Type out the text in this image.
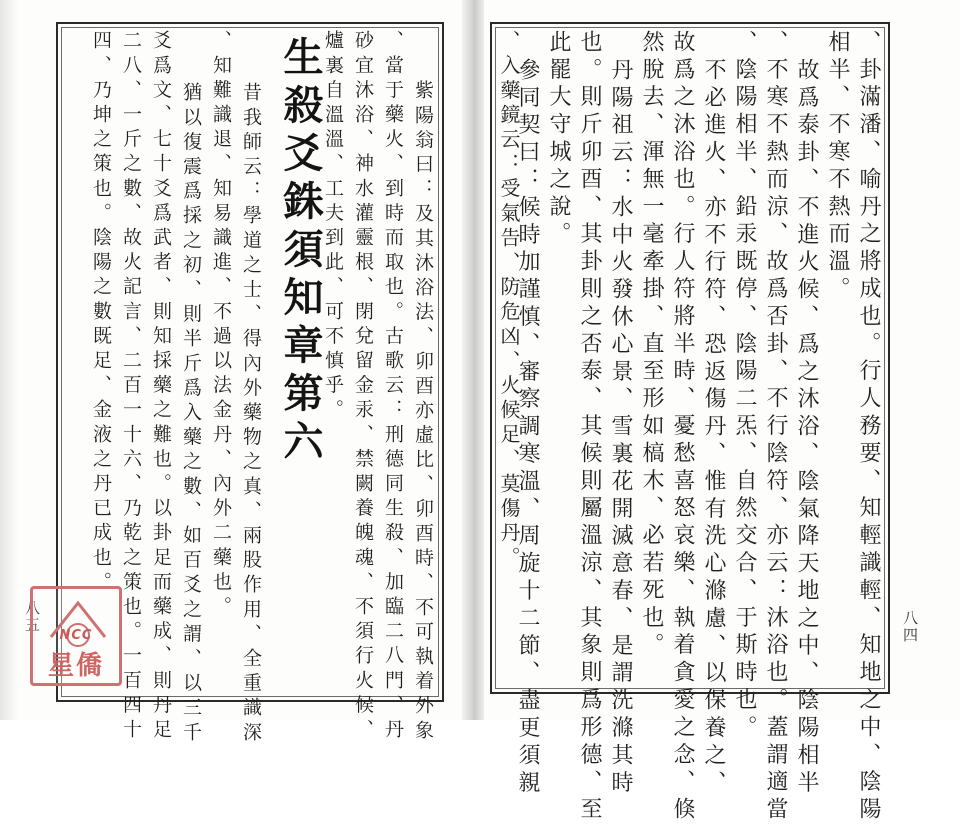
、卦滿潘、喻丹之將成也。行人務要、知輕識輕、知地之中、陰陽
相半、不寒不熱而溫。
故爲泰卦、不進火候、爲之沐浴、陰氣降天地之中、陰陽相半
、不寒不熱而涼、故爲否卦、不行陰符、亦云：沐浴也。蓋謂適當
、陰陽相半、鉛汞既停、陰陽二炁、自然交合、于斯時也。
不必進火、亦不行符、恐返傷丹、惟有洗心滌慮、以保養之、
故爲之沐浴也。行人符將半時、憂愁喜怒哀樂、執着貪愛之念、倏
然脫去、渾無一毫牽掛、直至形如槁木、必若死也。
丹陽祖云：水中火發休心景、雪裏花開滅意春、是謂洗滌其時
也。則斤卯酉、其卦則之否泰、其候則屬溫涼、其象則爲形德、至
此罷大守城之說。
參同契曰：候時加謹慎、審察調寒溫、周旋十二節、盡更須親
、入藥鏡云：受氣告、防危凶、火候足、莫傷丹。
八四
紫陽翁曰：及其沐浴法、卯酉亦虛比、卯酉時、不可執着外象
、當于藥火、到時而取也。古歌云：刑德同生殺、加臨二八門、丹
砂宜沐浴、神水灌靈根、閉兌留金汞、禁闕養魄魂、不須行火候、
爐裏自溫溫、工夫到此、可不慎乎。
生殺爻銖須知章第六
昔我師云：學道之士、得內外藥物之真、兩股作用、全重識深
、知難識退、知易識進、不過以法金丹、內外二藥也。
猶以復震爲採之初、則半斤爲入藥之數、如百爻之謂、以三千
爻爲文、七十爻爲武者、則知採藥之難也。以卦足而藥成、則丹足
二八、一斤之數、故火記言、二百一十六、乃乾之策也。一百四十
四、乃坤之策也。陰陽之數既足、金液之丹已成也。
八五
NCC
星僑
